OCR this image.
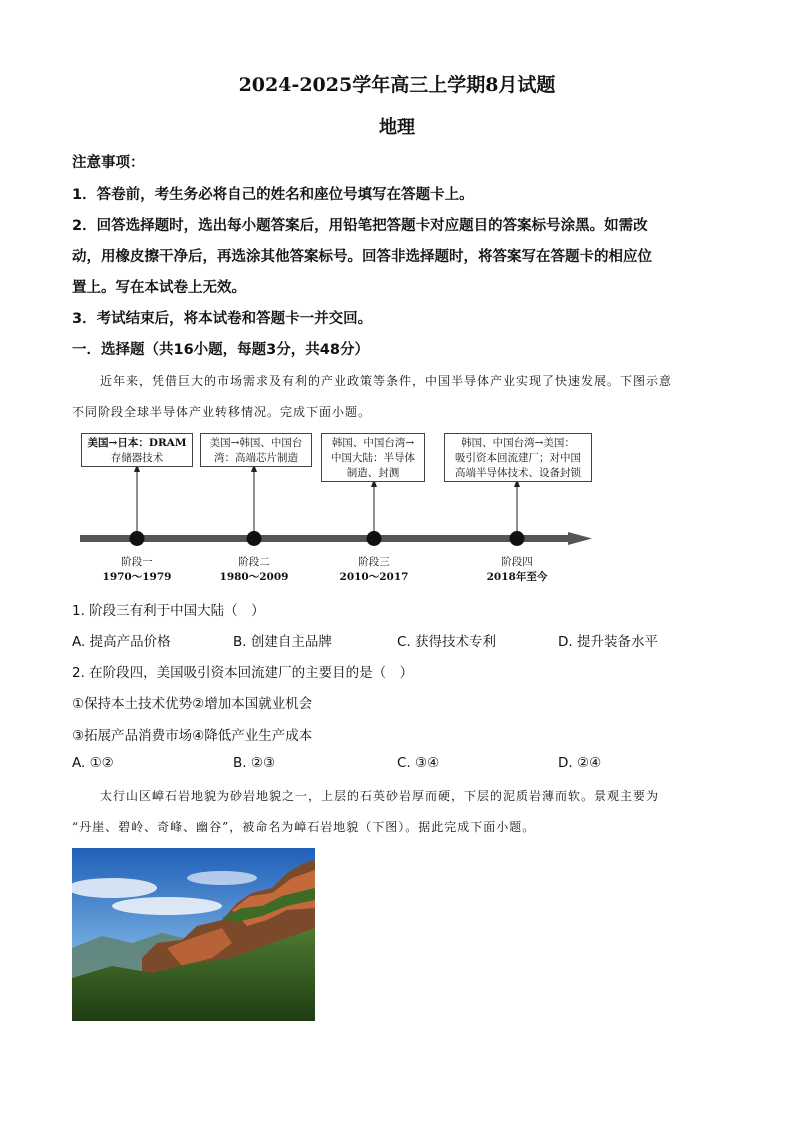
2024-2025学年高三上学期8月试题
地理
注意事项：
1．答卷前，考生务必将自己的姓名和座位号填写在答题卡上。
2．回答选择题时，选出每小题答案后，用铅笔把答题卡对应题目的答案标号涂黑。如需改
动，用橡皮擦干净后，再选涂其他答案标号。回答非选择题时，将答案写在答题卡的相应位
置上。写在本试卷上无效。
3．考试结束后，将本试卷和答题卡一并交回。
一．选择题（共16小题，每题3分，共48分）
近年来，凭借巨大的市场需求及有利的产业政策等条件，中国半导体产业实现了快速发展。下图示意
不同阶段全球半导体产业转移情况。完成下面小题。
美国→日本：DRAM
存储器技术
美国→韩国、中国台
湾：高端芯片制造
韩国、中国台湾→
中国大陆：半导体
制造、封测
韩国、中国台湾→美国：
吸引资本回流建厂；对中国
高端半导体技术、设备封锁
阶段一
1970～1979
阶段二
1980～2009
阶段三
2010～2017
阶段四
2018年至今
1. 阶段三有利于中国大陆（　）
A. 提高产品价格	B. 创建自主品牌	C. 获得技术专利	D. 提升装备水平
2. 在阶段四，美国吸引资本回流建厂的主要目的是（　）
①保持本土技术优势②增加本国就业机会
③拓展产品消费市场④降低产业生产成本
A. ①②	B. ②③	C. ③④	D. ②④
太行山区嶂石岩地貌为砂岩地貌之一，上层的石英砂岩厚而硬，下层的泥质岩薄而软。景观主要为
“丹崖、碧岭、奇峰、幽谷”，被命名为嶂石岩地貌（下图）。据此完成下面小题。
